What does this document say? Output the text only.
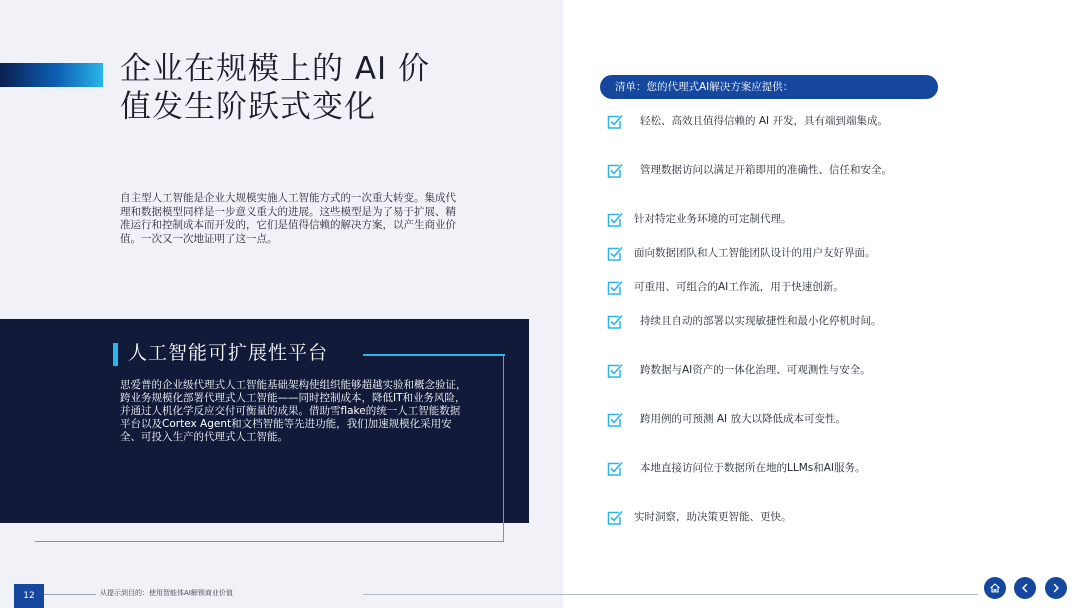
企业在规模上的 AI 价值发生阶跃式变化

自主型人工智能是企业大规模实施人工智能方式的一次重大转变。集成代理和数据模型同样是一步意义重大的进展。这些模型是为了易于扩展、精准运行和控制成本而开发的，它们是值得信赖的解决方案，以产生商业价值。一次又一次地证明了这一点。

人工智能可扩展性平台

思爱普的企业级代理式人工智能基础架构使组织能够超越实验和概念验证，跨业务规模化部署代理式人工智能——同时控制成本，降低IT和业务风险，并通过人机化学反应交付可衡量的成果。借助雪flake的统一人工智能数据平台以及Cortex Agent和文档智能等先进功能，我们加速规模化采用安全、可投入生产的代理式人工智能。

清单：您的代理式AI解决方案应提供：
轻松、高效且值得信赖的 AI 开发，具有端到端集成。
管理数据访问以满足开箱即用的准确性、信任和安全。
针对特定业务环境的可定制代理。
面向数据团队和人工智能团队设计的用户友好界面。
可重用、可组合的AI工作流，用于快速创新。
持续且自动的部署以实现敏捷性和最小化停机时间。
跨数据与AI资产的一体化治理、可观测性与安全。
跨用例的可预测 AI 放大以降低成本可变性。
本地直接访问位于数据所在地的LLMs和AI服务。
实时洞察，助决策更智能、更快。
12	从提示到目的：使用智能体AI解锁商业价值
